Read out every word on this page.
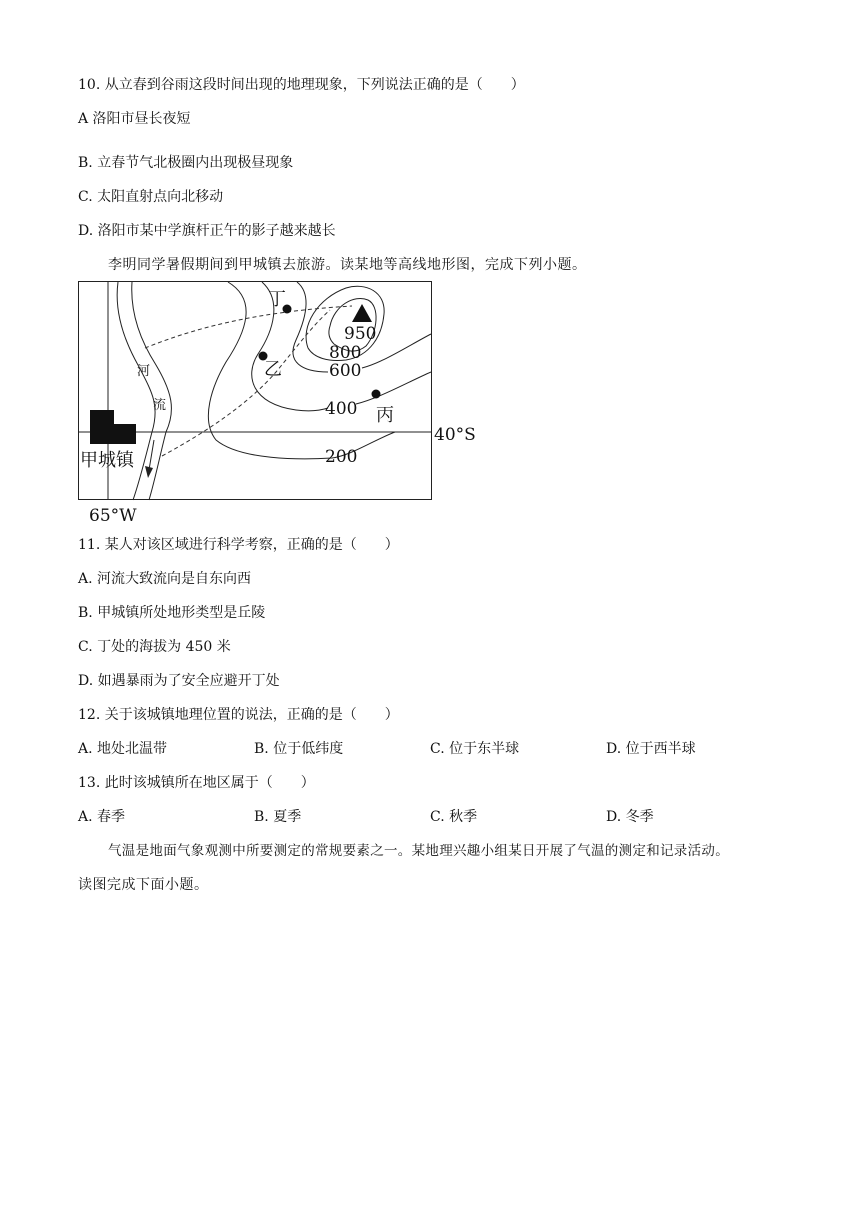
10. 从立春到谷雨这段时间出现的地理现象，下列说法正确的是（　　）
A 洛阳市昼长夜短
B. 立春节气北极圈内出现极昼现象
C. 太阳直射点向北移动
D. 洛阳市某中学旗杆正午的影子越来越长
李明同学暑假期间到甲城镇去旅游。读某地等高线地形图，完成下列小题。
丁
乙
丙
950
800
600
400
200
河
流
甲城镇
40°S
65°W
11. 某人对该区域进行科学考察，正确的是（　　）
A. 河流大致流向是自东向西
B. 甲城镇所处地形类型是丘陵
C. 丁处的海拔为 450 米
D. 如遇暴雨为了安全应避开丁处
12. 关于该城镇地理位置的说法，正确的是（　　）
A. 地处北温带	B. 位于低纬度	C. 位于东半球	D. 位于西半球
13. 此时该城镇所在地区属于（　　）
A. 春季	B. 夏季	C. 秋季	D. 冬季
气温是地面气象观测中所要测定的常规要素之一。某地理兴趣小组某日开展了气温的测定和记录活动。
读图完成下面小题。
